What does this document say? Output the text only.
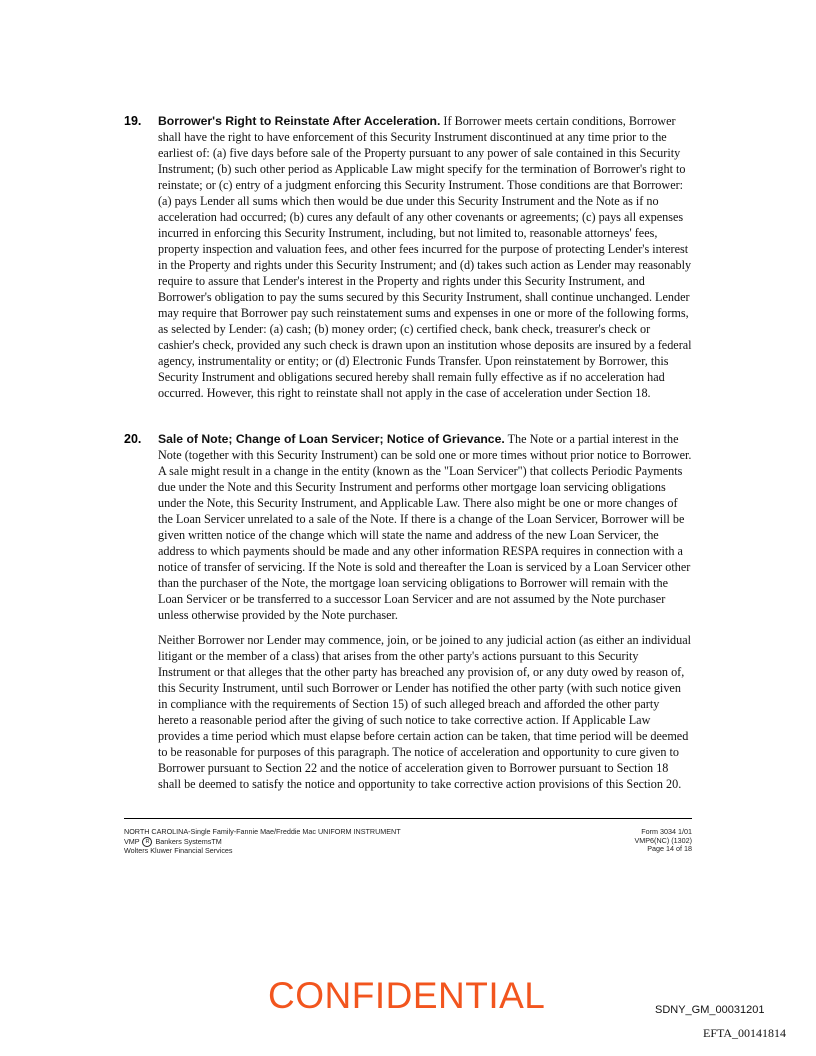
19. Borrower's Right to Reinstate After Acceleration. If Borrower meets certain conditions, Borrower shall have the right to have enforcement of this Security Instrument discontinued at any time prior to the earliest of: (a) five days before sale of the Property pursuant to any power of sale contained in this Security Instrument; (b) such other period as Applicable Law might specify for the termination of Borrower's right to reinstate; or (c) entry of a judgment enforcing this Security Instrument. Those conditions are that Borrower: (a) pays Lender all sums which then would be due under this Security Instrument and the Note as if no acceleration had occurred; (b) cures any default of any other covenants or agreements; (c) pays all expenses incurred in enforcing this Security Instrument, including, but not limited to, reasonable attorneys' fees, property inspection and valuation fees, and other fees incurred for the purpose of protecting Lender's interest in the Property and rights under this Security Instrument; and (d) takes such action as Lender may reasonably require to assure that Lender's interest in the Property and rights under this Security Instrument, and Borrower's obligation to pay the sums secured by this Security Instrument, shall continue unchanged. Lender may require that Borrower pay such reinstatement sums and expenses in one or more of the following forms, as selected by Lender: (a) cash; (b) money order; (c) certified check, bank check, treasurer's check or cashier's check, provided any such check is drawn upon an institution whose deposits are insured by a federal agency, instrumentality or entity; or (d) Electronic Funds Transfer. Upon reinstatement by Borrower, this Security Instrument and obligations secured hereby shall remain fully effective as if no acceleration had occurred. However, this right to reinstate shall not apply in the case of acceleration under Section 18.
20. Sale of Note; Change of Loan Servicer; Notice of Grievance. The Note or a partial interest in the Note (together with this Security Instrument) can be sold one or more times without prior notice to Borrower. A sale might result in a change in the entity (known as the "Loan Servicer") that collects Periodic Payments due under the Note and this Security Instrument and performs other mortgage loan servicing obligations under the Note, this Security Instrument, and Applicable Law. There also might be one or more changes of the Loan Servicer unrelated to a sale of the Note. If there is a change of the Loan Servicer, Borrower will be given written notice of the change which will state the name and address of the new Loan Servicer, the address to which payments should be made and any other information RESPA requires in connection with a notice of transfer of servicing. If the Note is sold and thereafter the Loan is serviced by a Loan Servicer other than the purchaser of the Note, the mortgage loan servicing obligations to Borrower will remain with the Loan Servicer or be transferred to a successor Loan Servicer and are not assumed by the Note purchaser unless otherwise provided by the Note purchaser.
Neither Borrower nor Lender may commence, join, or be joined to any judicial action (as either an individual litigant or the member of a class) that arises from the other party's actions pursuant to this Security Instrument or that alleges that the other party has breached any provision of, or any duty owed by reason of, this Security Instrument, until such Borrower or Lender has notified the other party (with such notice given in compliance with the requirements of Section 15) of such alleged breach and afforded the other party hereto a reasonable period after the giving of such notice to take corrective action. If Applicable Law provides a time period which must elapse before certain action can be taken, that time period will be deemed to be reasonable for purposes of this paragraph. The notice of acceleration and opportunity to cure given to Borrower pursuant to Section 22 and the notice of acceleration given to Borrower pursuant to Section 18 shall be deemed to satisfy the notice and opportunity to take corrective action provisions of this Section 20.
NORTH CAROLINA-Single Family-Fannie Mae/Freddie Mac UNIFORM INSTRUMENT
VMP R Bankers SystemsTM
Wolters Kluwer Financial Services
Form 3034 1/01
VMP6(NC) (1302)
Page 14 of 18
CONFIDENTIAL	SDNY_GM_00031201
EFTA_00141814
